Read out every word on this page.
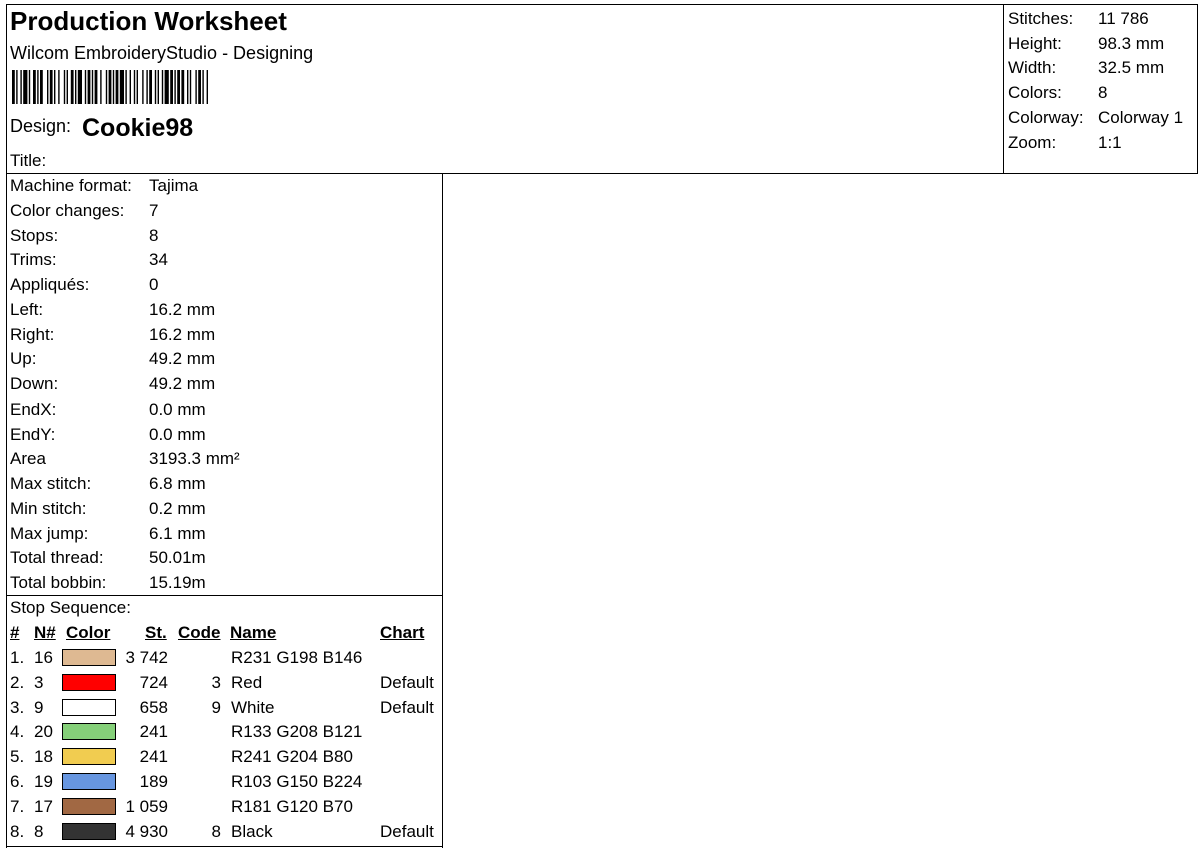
Production Worksheet
Wilcom EmbroideryStudio - Designing
Design: Cookie98
Title:
Stitches: 11 786
Height: 98.3 mm
Width: 32.5 mm
Colors: 8
Colorway: Colorway 1
Zoom: 1:1
Machine format: Tajima
Color changes: 7
Stops:	8
Trims:	34
Appliqués:	0
Left:	16.2 mm
Right:	16.2 mm
Up:	49.2 mm
Down:	49.2 mm
EndX:	0.0 mm
EndY:	0.0 mm
Area	3193.3 mm²
Max stitch:	6.8 mm
Min stitch:	0.2 mm
Max jump:	6.1 mm
Total thread:	50.01m
Total bobbin:	15.19m
Stop Sequence:
# N# Color St. Code Name	Chart
1. 16	3 742	R231 G198 B146
2. 3	724	3 Red	Default
3. 9	658	9 White	Default
4. 20	241	R133 G208 B121
5. 18	241	R241 G204 B80
6. 19	189	R103 G150 B224
7. 17	1 059	R181 G120 B70
8. 8	4 930	8 Black	Default
